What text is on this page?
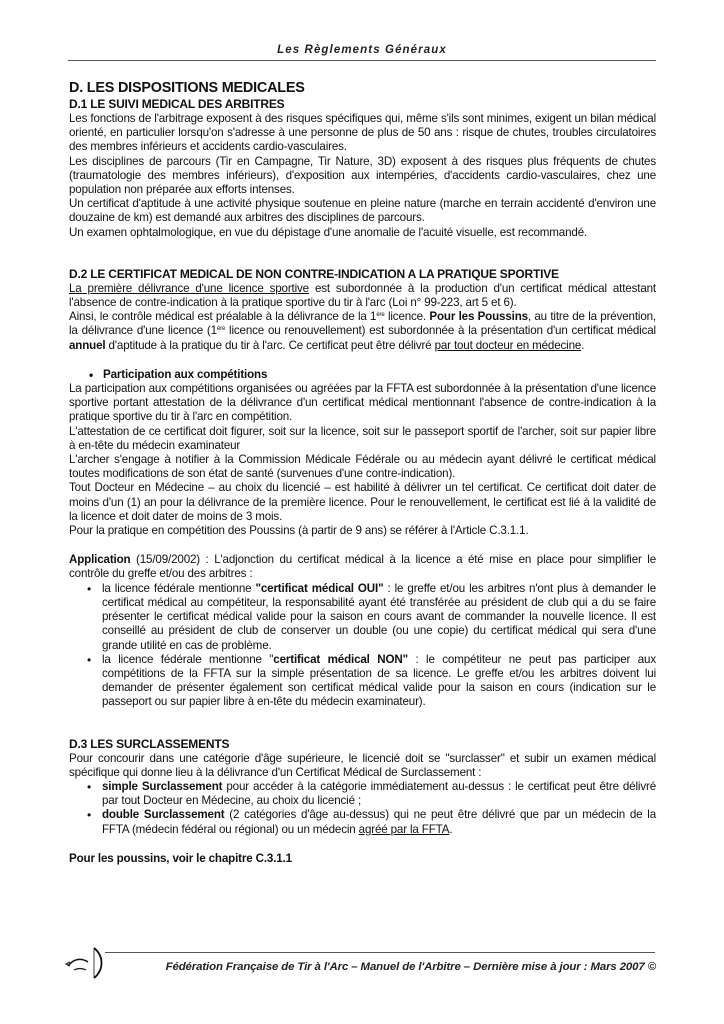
Les Règlements Généraux
D. LES DISPOSITIONS MEDICALES
D.1 LE SUIVI MEDICAL DES ARBITRES

Les fonctions de l'arbitrage exposent à des risques spécifiques qui, même s'ils sont minimes, exigent un bilan médical orienté, en particulier lorsqu'on s'adresse à une personne de plus de 50 ans : risque de chutes, troubles circulatoires des membres inférieurs et accidents cardio-vasculaires.

Les disciplines de parcours (Tir en Campagne, Tir Nature, 3D) exposent à des risques plus fréquents de chutes (traumatologie des membres inférieurs), d'exposition aux intempéries, d'accidents cardio-vasculaires, chez une population non préparée aux efforts intenses.

Un certificat d'aptitude à une activité physique soutenue en pleine nature (marche en terrain accidenté d'environ une douzaine de km) est demandé aux arbitres des disciplines de parcours.

Un examen ophtalmologique, en vue du dépistage d'une anomalie de l'acuité visuelle, est recommandé.

D.2 LE CERTIFICAT MEDICAL DE NON CONTRE-INDICATION A LA PRATIQUE SPORTIVE

La première délivrance d'une licence sportive est subordonnée à la production d'un certificat médical attestant l'absence de contre-indication à la pratique sportive du tir à l'arc (Loi n° 99-223, art 5 et 6).

Ainsi, le contrôle médical est préalable à la délivrance de la 1ère licence. Pour les Poussins, au titre de la prévention, la délivrance d'une licence (1ère licence ou renouvellement) est subordonnée à la présentation d'un certificat médical annuel d'aptitude à la pratique du tir à l'arc. Ce certificat peut être délivré par tout docteur en médecine.

• Participation aux compétitions

La participation aux compétitions organisées ou agréées par la FFTA est subordonnée à la présentation d'une licence sportive portant attestation de la délivrance d'un certificat médical mentionnant l'absence de contre-indication à la pratique sportive du tir à l'arc en compétition.

L'attestation de ce certificat doit figurer, soit sur la licence, soit sur le passeport sportif de l'archer, soit sur papier libre à en-tête du médecin examinateur

L'archer s'engage à notifier à la Commission Médicale Fédérale ou au médecin ayant délivré le certificat médical toutes modifications de son état de santé (survenues d'une contre-indication).

Tout Docteur en Médecine – au choix du licencié – est habilité à délivrer un tel certificat. Ce certificat doit dater de moins d'un (1) an pour la délivrance de la première licence. Pour le renouvellement, le certificat est lié à la validité de la licence et doit dater de moins de 3 mois.

Pour la pratique en compétition des Poussins (à partir de 9 ans) se référer à l'Article C.3.1.1.

Application (15/09/2002) : L'adjonction du certificat médical à la licence a été mise en place pour simplifier le contrôle du greffe et/ou des arbitres :

• la licence fédérale mentionne "certificat médical OUI" : le greffe et/ou les arbitres n'ont plus à demander le certificat médical au compétiteur, la responsabilité ayant été transférée au président de club qui a du se faire présenter le certificat médical valide pour la saison en cours avant de commander la nouvelle licence. Il est conseillé au président de club de conserver un double (ou une copie) du certificat médical qui sera d'une grande utilité en cas de problème.
• la licence fédérale mentionne "certificat médical NON" : le compétiteur ne peut pas participer aux compétitions de la FFTA sur la simple présentation de sa licence. Le greffe et/ou les arbitres doivent lui demander de présenter également son certificat médical valide pour la saison en cours (indication sur le passeport ou sur papier libre à en-tête du médecin examinateur).
D.3 LES SURCLASSEMENTS

Pour concourir dans une catégorie d'âge supérieure, le licencié doit se "surclasser" et subir un examen médical spécifique qui donne lieu à la délivrance d'un Certificat Médical de Surclassement :

• simple Surclassement pour accéder à la catégorie immédiatement au-dessus : le certificat peut être délivré par tout Docteur en Médecine, au choix du licencié ;
• double Surclassement (2 catégories d'âge au-dessus) qui ne peut être délivré que par un médecin de la FFTA (médecin fédéral ou régional) ou un médecin agréé par la FFTA.

Pour les poussins, voir le chapitre C.3.1.1

Fédération Française de Tir à l'Arc – Manuel de l'Arbitre – Dernière mise à jour : Mars 2007 ©
